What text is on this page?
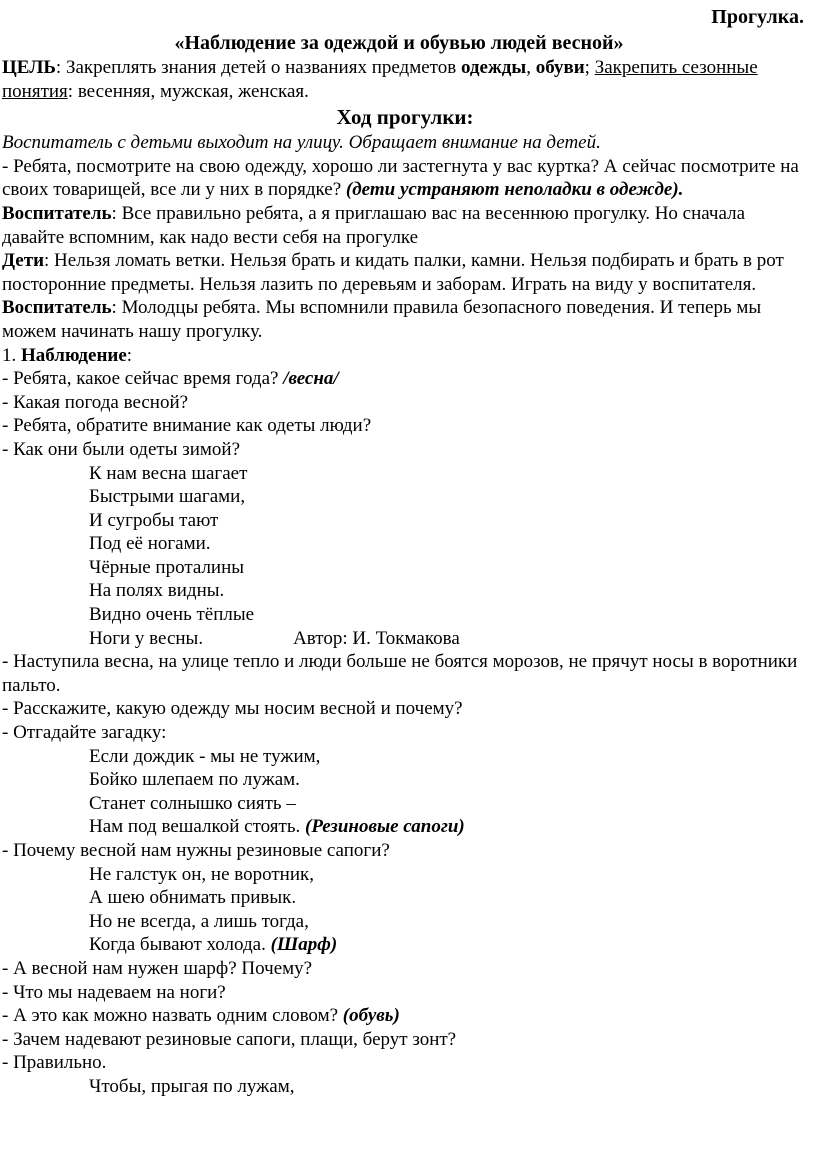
Прогулка.
«Наблюдение за одеждой и обувью людей весной»

ЦЕЛЬ: Закреплять знания детей о названиях предметов одежды, обуви; Закрепить сезонные понятия: весенняя, мужская, женская.

Ход прогулки:

Воспитатель с детьми выходит на улицу. Обращает внимание на детей.

- Ребята, посмотрите на свою одежду, хорошо ли застегнута у вас куртка? А сейчас посмотрите на своих товарищей, все ли у них в порядке? (дети устраняют неполадки в одежде).

Воспитатель: Все правильно ребята, а я приглашаю вас на весеннюю прогулку. Но сначала давайте вспомним, как надо вести себя на прогулке

Дети: Нельзя ломать ветки. Нельзя брать и кидать палки, камни. Нельзя подбирать и брать в рот посторонние предметы. Нельзя лазить по деревьям и заборам. Играть на виду у воспитателя.

Воспитатель: Молодцы ребята. Мы вспомнили правила безопасного поведения. И теперь мы можем начинать нашу прогулку.

1. Наблюдение:

- Ребята, какое сейчас время года? /весна/

- Какая погода весной?

- Ребята, обратите внимание как одеты люди?

- Как они были одеты зимой?

К нам весна шагает

Быстрыми шагами,

И сугробы тают

Под её ногами.

Чёрные проталины

На полях видны.

Видно очень тёплые

Ноги у весны.	Автор: И. Токмакова

- Наступила весна, на улице тепло и люди больше не боятся морозов, не прячут носы в воротники пальто.

- Расскажите, какую одежду мы носим весной и почему?

- Отгадайте загадку:

Если дождик - мы не тужим,

Бойко шлепаем по лужам.

Станет солнышко сиять –

Нам под вешалкой стоять. (Резиновые сапоги)

- Почему весной нам нужны резиновые сапоги?

Не галстук он, не воротник,

А шею обнимать привык.

Но не всегда, а лишь тогда,

Когда бывают холода. (Шарф)

- А весной нам нужен шарф? Почему?

- Что мы надеваем на ноги?

- А это как можно назвать одним словом? (обувь)

- Зачем надевают резиновые сапоги, плащи, берут зонт?

- Правильно.

Чтобы, прыгая по лужам,
